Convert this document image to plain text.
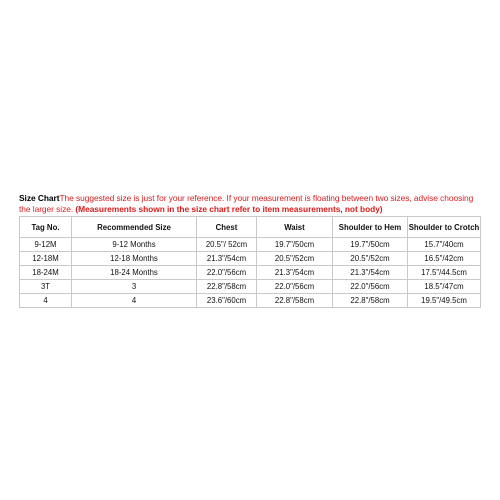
Size ChartThe suggested size is just for your reference. If your measurement is floating between two sizes, advise choosing the larger size. (Measurements shown in the size chart refer to item measurements, not body)
Tag No.	Recommended Size	Chest	Waist	Shoulder to Hem	Shoulder to Crotch
9-12M	9-12 Months	20.5"/ 52cm	19.7"/50cm	19.7"/50cm	15.7"/40cm
12-18M	12-18 Months	21.3"/54cm	20.5"/52cm	20.5"/52cm	16.5"/42cm
18-24M	18-24 Months	22.0"/56cm	21.3"/54cm	21.3"/54cm	17.5"/44.5cm
3T	3	22.8"/58cm	22.0"/56cm	22.0"/56cm	18.5"/47cm
4	4	23.6"/60cm	22.8"/58cm	22.8"/58cm	19.5"/49.5cm
